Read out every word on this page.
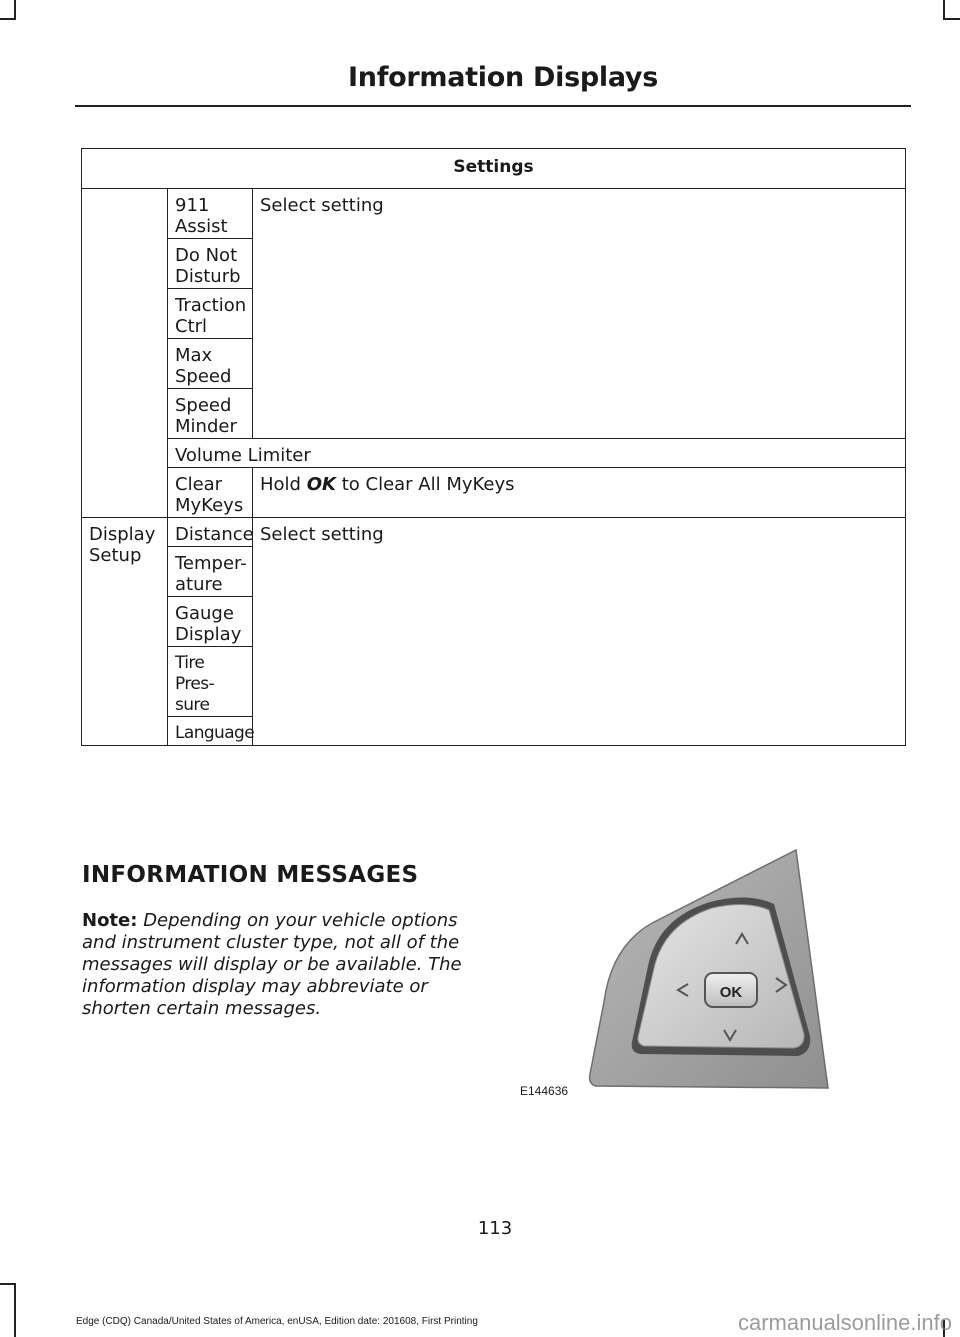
Information Displays
Settings		
	911
Assist	Select setting
	Do Not
Disturb	
	Traction
Ctrl	
	Max
Speed	
	Speed
Minder	
	Volume Limiter	
	Clear
MyKeys	Hold OK to Clear All MyKeys
Display
Setup	Distance	Select setting
	Temper-
ature	
	Gauge
Display	
	Tire Pres-
sure	
	Language	
INFORMATION MESSAGES
Note: Depending on your vehicle options and instrument cluster type, not all of the messages will display or be available. The information display may abbreviate or shorten certain messages.
OK
E144636
113
Edge (CDQ) Canada/United States of America, enUSA, Edition date: 201608, First Printing	carmanualsonline.info
